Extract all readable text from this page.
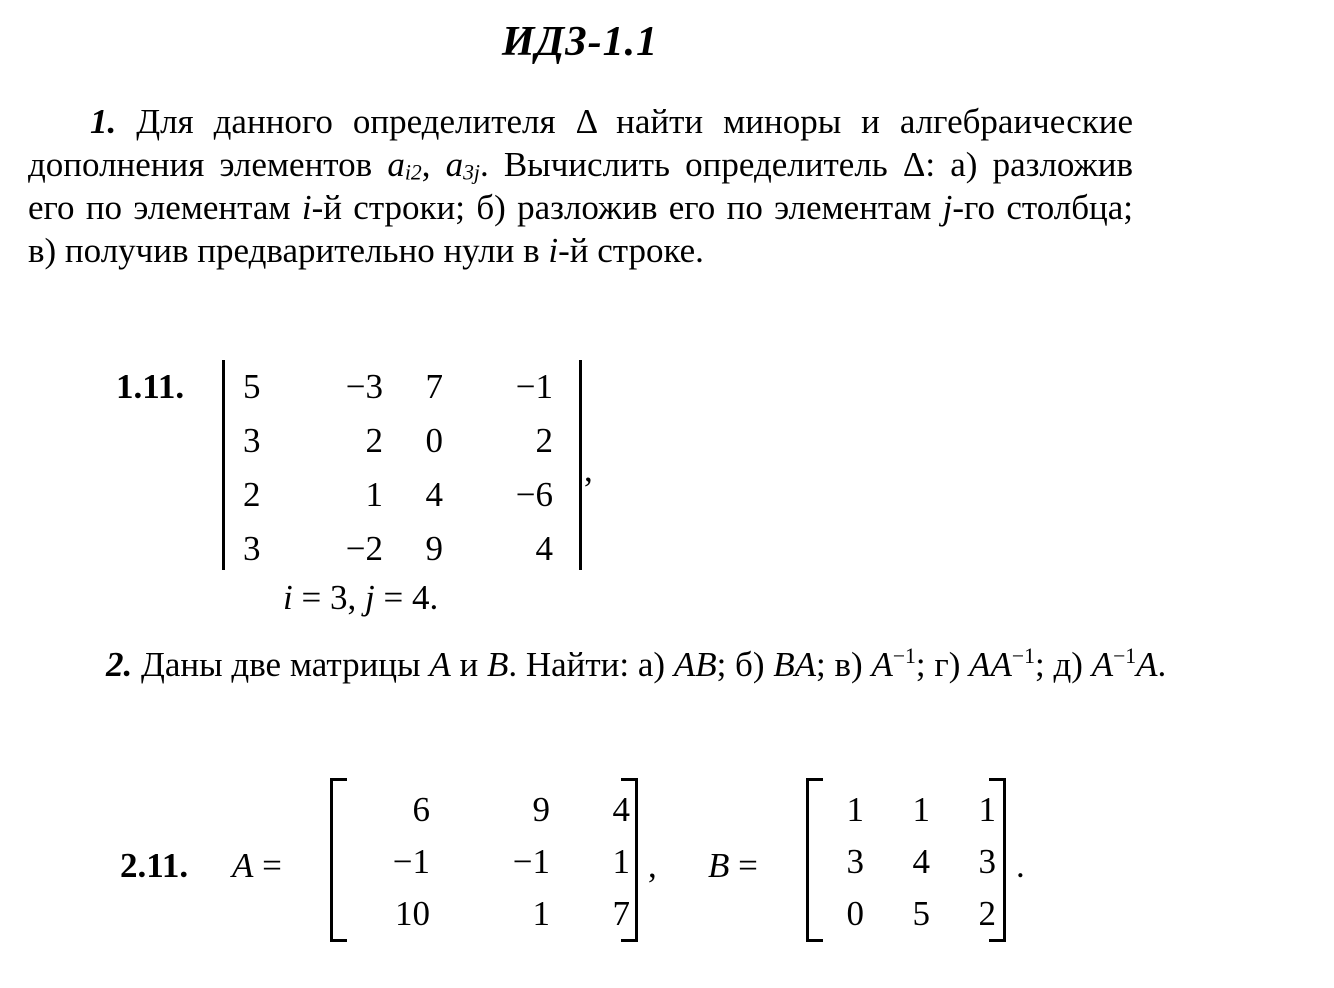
ИДЗ-1.1

1. Для данного определителя Δ найти миноры и алгебраические дополнения элементов $a_{i2}$, $a_{3j}$. Вычислить определитель Δ: а) разложив его по элементам i-й строки; б) разложив его по элементам j-го столбца; в) получив предварительно нули в i-й строке.

1.11. 5	−3	7	−1
3	2	0	2
2	1	4	−6
3	−2	9	4
,
i = 3, j = 4.

2. Даны две матрицы A и B. Найти: а) AB; б) BA; в) $A^{-1}$; г) $AA^{-1}$; д) $A^{-1}A$.

2.11. A =
6	9	4
−1	−1	1
10	1	7
, B =
1	1	1
3	4	3
0	5	2
.
